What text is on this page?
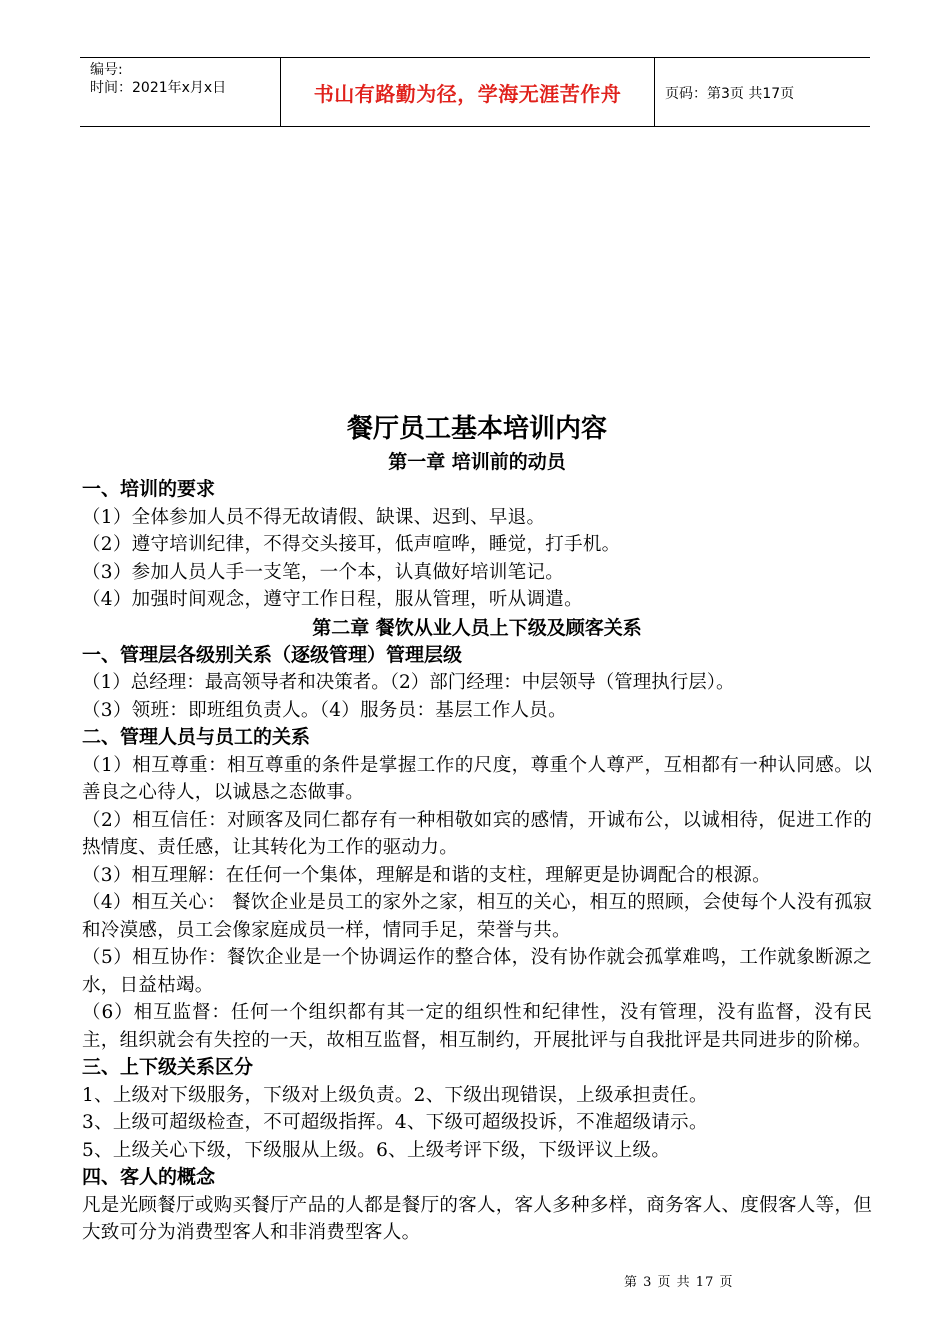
编号:
时间：2021年x月x日	书山有路勤为径，学海无涯苦作舟	页码：第3页 共17页
餐厅员工基本培训内容
第一章 培训前的动员
一、培训的要求

（1）全体参加人员不得无故请假、缺课、迟到、早退。

（2）遵守培训纪律，不得交头接耳，低声喧哗，睡觉，打手机。

（3）参加人员人手一支笔，一个本，认真做好培训笔记。

（4）加强时间观念，遵守工作日程，服从管理，听从调遣。

第二章 餐饮从业人员上下级及顾客关系
一、管理层各级别关系（逐级管理）管理层级

（1）总经理：最高领导者和决策者。（2）部门经理：中层领导（管理执行层）。

（3）领班：即班组负责人。（4）服务员：基层工作人员。

二、管理人员与员工的关系

（1）相互尊重：相互尊重的条件是掌握工作的尺度，尊重个人尊严，互相都有一种认同感。以善良之心待人，以诚恳之态做事。

（2）相互信任：对顾客及同仁都存有一种相敬如宾的感情，开诚布公，以诚相待，促进工作的热情度、责任感，让其转化为工作的驱动力。

（3）相互理解：在任何一个集体，理解是和谐的支柱，理解更是协调配合的根源。

（4）相互关心： 餐饮企业是员工的家外之家，相互的关心，相互的照顾，会使每个人没有孤寂和冷漠感，员工会像家庭成员一样，情同手足，荣誉与共。

（5）相互协作：餐饮企业是一个协调运作的整合体，没有协作就会孤掌难鸣，工作就象断源之水，日益枯竭。

（6）相互监督：任何一个组织都有其一定的组织性和纪律性，没有管理，没有监督，没有民主，组织就会有失控的一天，故相互监督，相互制约，开展批评与自我批评是共同进步的阶梯。

三、上下级关系区分

1、上级对下级服务，下级对上级负责。2、下级出现错误，上级承担责任。

3、上级可超级检查，不可超级指挥。4、下级可超级投诉，不准超级请示。

5、上级关心下级，下级服从上级。6、上级考评下级，下级评议上级。

四、客人的概念

凡是光顾餐厅或购买餐厅产品的人都是餐厅的客人，客人多种多样，商务客人、度假客人等，但大致可分为消费型客人和非消费型客人。

第 3 页 共 17 页
